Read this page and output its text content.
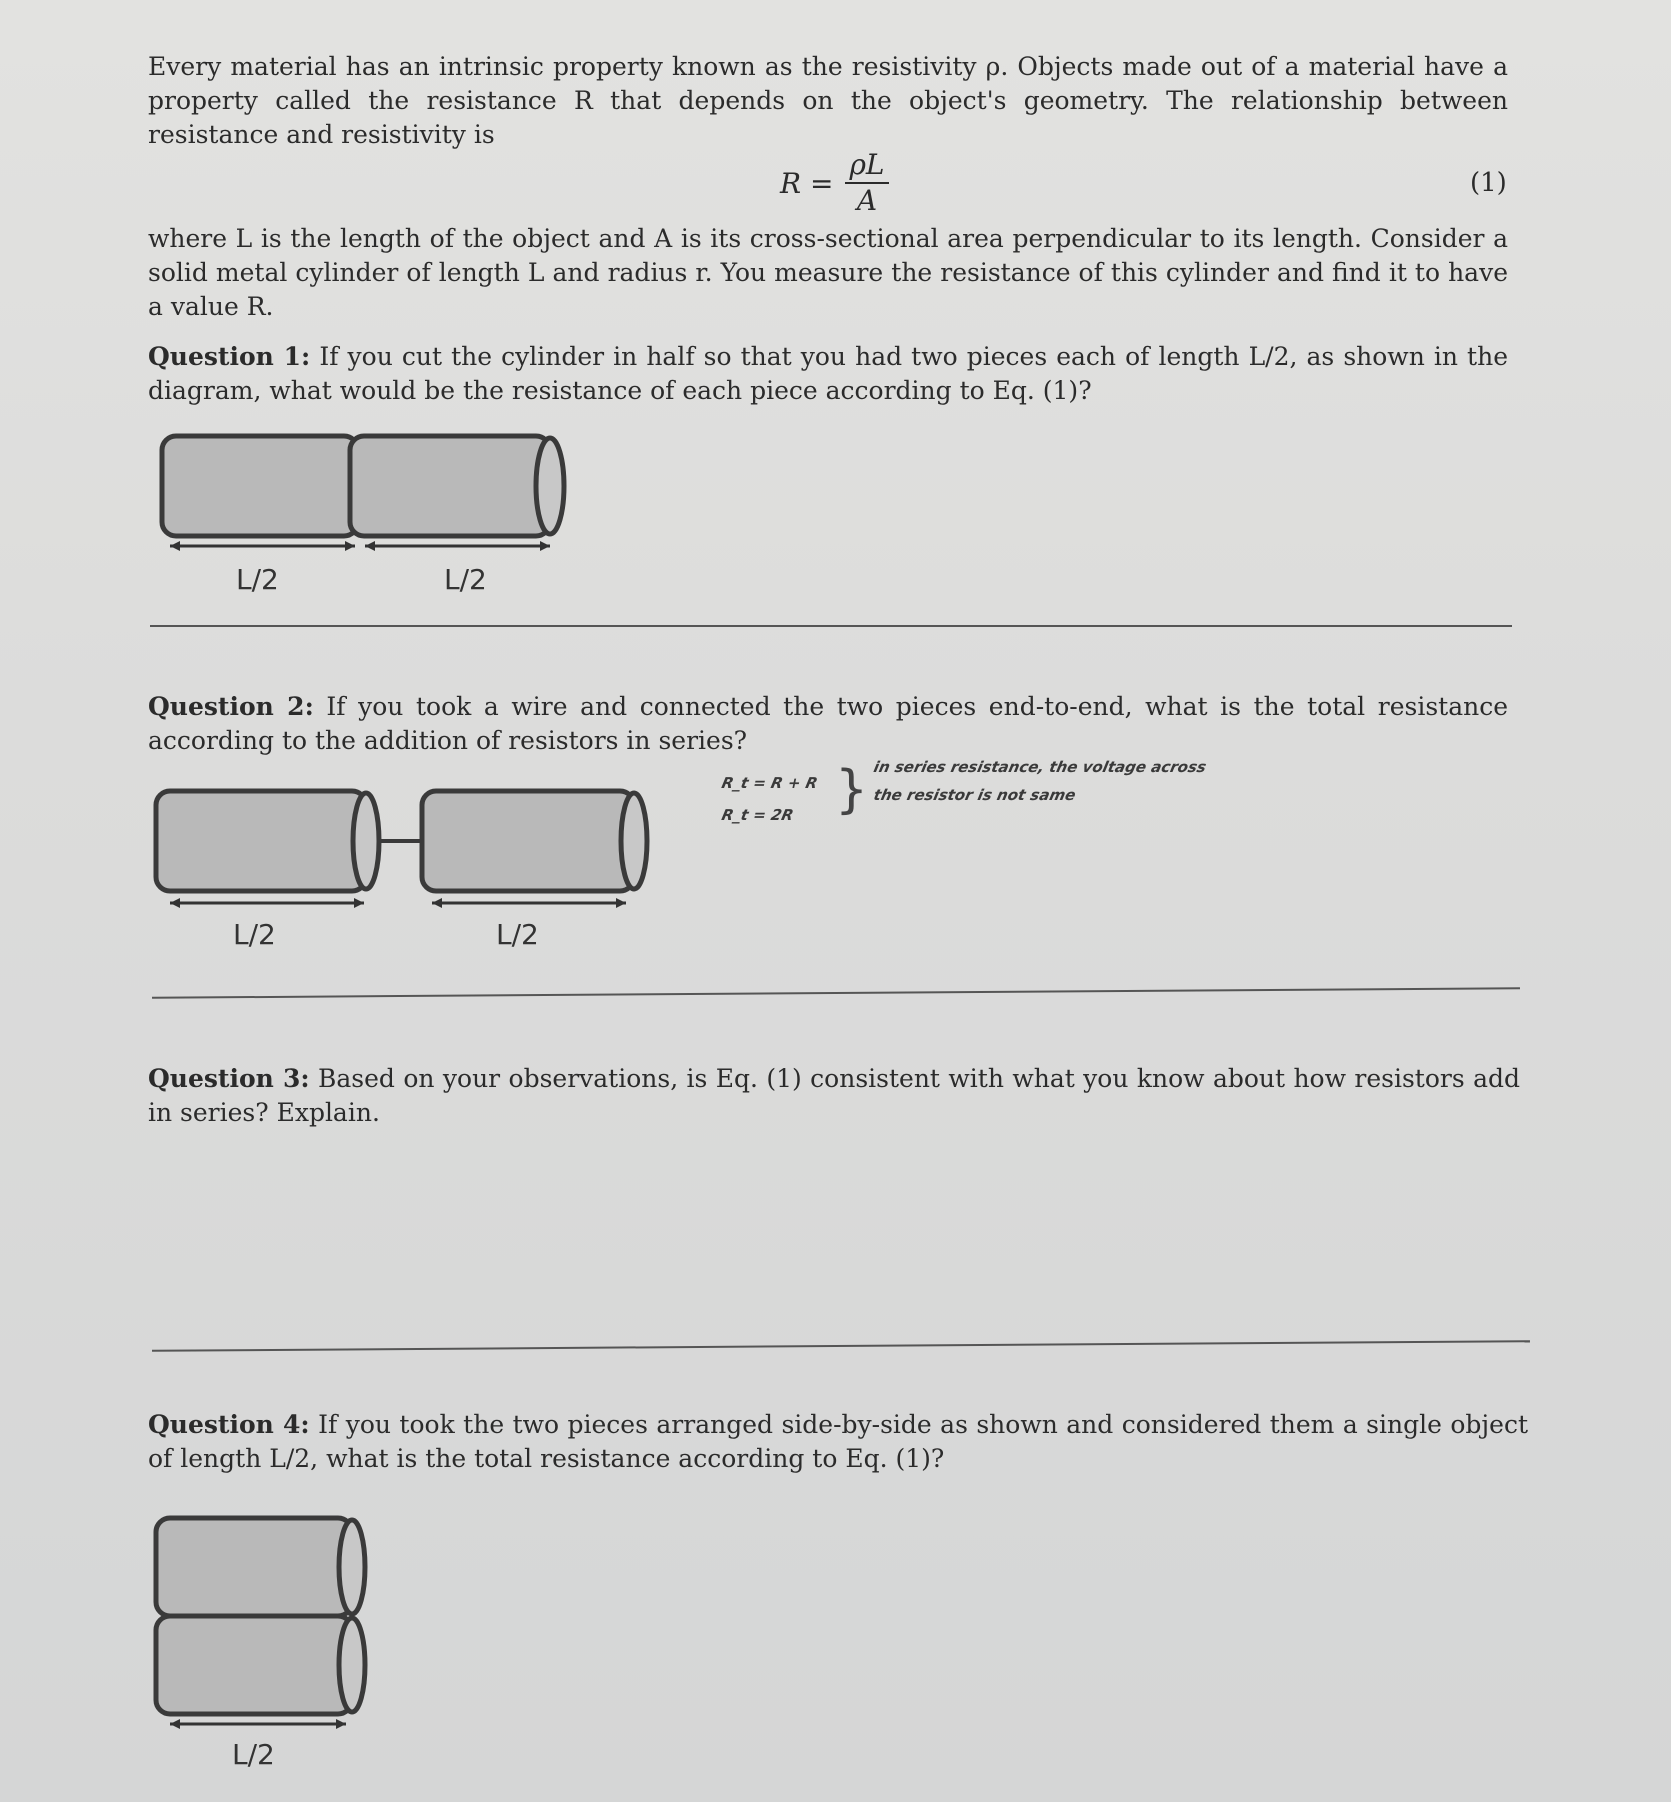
Every material has an intrinsic property known as the resistivity ρ. Objects made out of a material have a property called the resistance R that depends on the object's geometry. The relationship between resistance and resistivity is

$R = \frac{\rho L}{A}$	(1)

where L is the length of the object and A is its cross-sectional area perpendicular to its length. Consider a solid metal cylinder of length L and radius r. You measure the resistance of this cylinder and find it to have a value R.

Question 1: If you cut the cylinder in half so that you had two pieces each of length L/2, as shown in the diagram, what would be the resistance of each piece according to Eq. (1)?

L/2	L/2

Question 2: If you took a wire and connected the two pieces end-to-end, what is the total resistance according to the addition of resistors in series?

L/2	L/2
R_t = R + R
R_t = 2R } in series resistance, the voltage across
the resistor is not same

Question 3: Based on your observations, is Eq. (1) consistent with what you know about how resistors add in series? Explain.

Question 4: If you took the two pieces arranged side-by-side as shown and considered them a single object of length L/2, what is the total resistance according to Eq. (1)?

L/2
